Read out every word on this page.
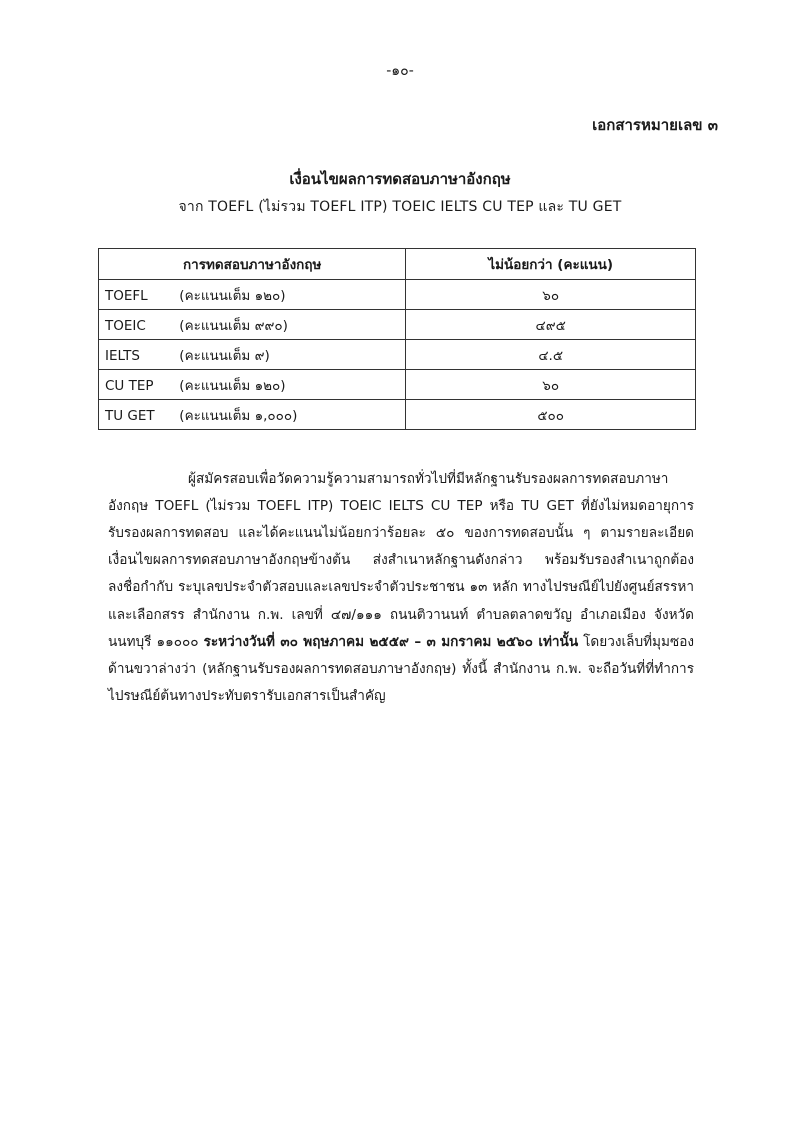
-๑๐-
เอกสารหมายเลข ๓
เงื่อนไขผลการทดสอบภาษาอังกฤษ
จาก TOEFL (ไม่รวม TOEFL ITP) TOEIC IELTS CU TEP และ TU GET
การทดสอบภาษาอังกฤษ	ไม่น้อยกว่า (คะแนน)
TOEFL (คะแนนเต็ม ๑๒๐)	๖๐
TOEIC (คะแนนเต็ม ๙๙๐)	๔๙๕
IELTS (คะแนนเต็ม ๙)	๔.๕
CU TEP (คะแนนเต็ม ๑๒๐)	๖๐
TU GET (คะแนนเต็ม ๑,๐๐๐)	๕๐๐

ผู้สมัครสอบเพื่อวัดความรู้ความสามารถทั่วไปที่มีหลักฐานรับรองผลการทดสอบภาษาอังกฤษ TOEFL (ไม่รวม TOEFL ITP) TOEIC IELTS CU TEP หรือ TU GET ที่ยังไม่หมดอายุการรับรองผลการทดสอบ และได้คะแนนไม่น้อยกว่าร้อยละ ๕๐ ของการทดสอบนั้น ๆ ตามรายละเอียดเงื่อนไขผลการทดสอบภาษาอังกฤษข้างต้น ส่งสำเนาหลักฐานดังกล่าว พร้อมรับรองสำเนาถูกต้อง ลงชื่อกำกับ ระบุเลขประจำตัวสอบและเลขประจำตัวประชาชน ๑๓ หลัก ทางไปรษณีย์ไปยังศูนย์สรรหาและเลือกสรร สำนักงาน ก.พ. เลขที่ ๔๗/๑๑๑ ถนนติวานนท์ ตำบลตลาดขวัญ อำเภอเมือง จังหวัดนนทบุรี ๑๑๐๐๐ ระหว่างวันที่ ๓๐ พฤษภาคม ๒๕๕๙ – ๓ มกราคม ๒๕๖๐ เท่านั้น โดยวงเล็บที่มุมซองด้านขวาล่างว่า (หลักฐานรับรองผลการทดสอบภาษาอังกฤษ) ทั้งนี้ สำนักงาน ก.พ. จะถือวันที่ที่ทำการไปรษณีย์ต้นทางประทับตรารับเอกสารเป็นสำคัญ
